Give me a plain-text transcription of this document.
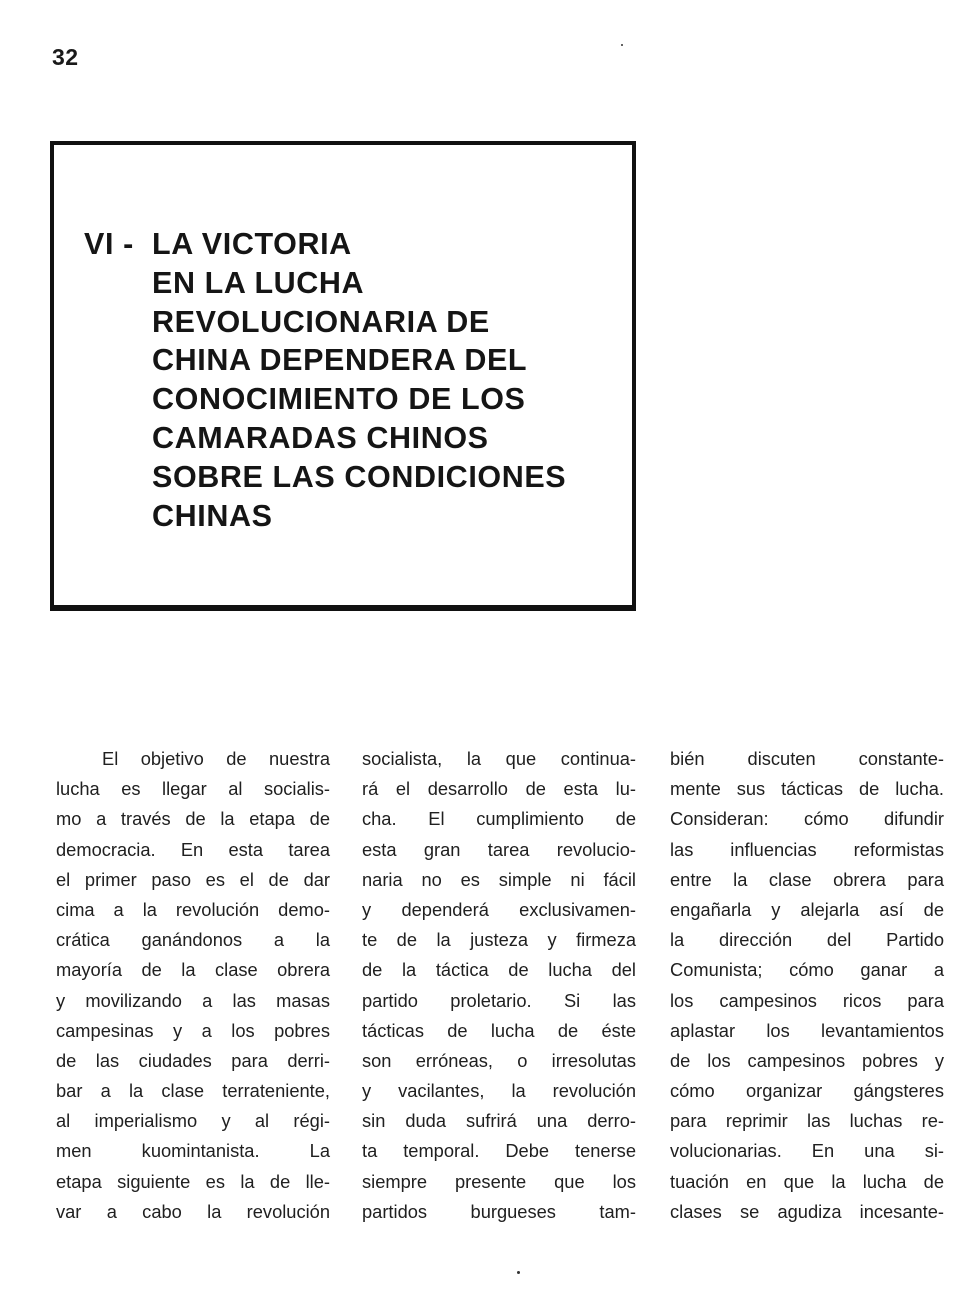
32
VI - LA VICTORIA
EN LA LUCHA
REVOLUCIONARIA DE
CHINA DEPENDERA DEL
CONOCIMIENTO DE LOS
CAMARADAS CHINOS
SOBRE LAS CONDICIONES
CHINAS
El objetivo de nuestra
lucha es llegar al socialis-
mo a través de la etapa de
democracia. En esta tarea
el primer paso es el de dar
cima a la revolución demo-
crática ganándonos a la
mayoría de la clase obrera
y movilizando a las masas
campesinas y a los pobres
de las ciudades para derri-
bar a la clase terrateniente,
al imperialismo y al régi-
men kuomintanista. La
etapa siguiente es la de lle-
var a cabo la revolución
socialista, la que continua-
rá el desarrollo de esta lu-
cha. El cumplimiento de
esta gran tarea revolucio-
naria no es simple ni fácil
y dependerá exclusivamen-
te de la justeza y firmeza
de la táctica de lucha del
partido proletario. Si las
tácticas de lucha de éste
son erróneas, o irresolutas
y vacilantes, la revolución
sin duda sufrirá una derro-
ta temporal. Debe tenerse
siempre presente que los
partidos burgueses tam-
bién discuten constante-
mente sus tácticas de lucha.
Consideran: cómo difundir
las influencias reformistas
entre la clase obrera para
engañarla y alejarla así de
la dirección del Partido
Comunista; cómo ganar a
los campesinos ricos para
aplastar los levantamientos
de los campesinos pobres y
cómo organizar gángsteres
para reprimir las luchas re-
volucionarias. En una si-
tuación en que la lucha de
clases se agudiza incesante-
